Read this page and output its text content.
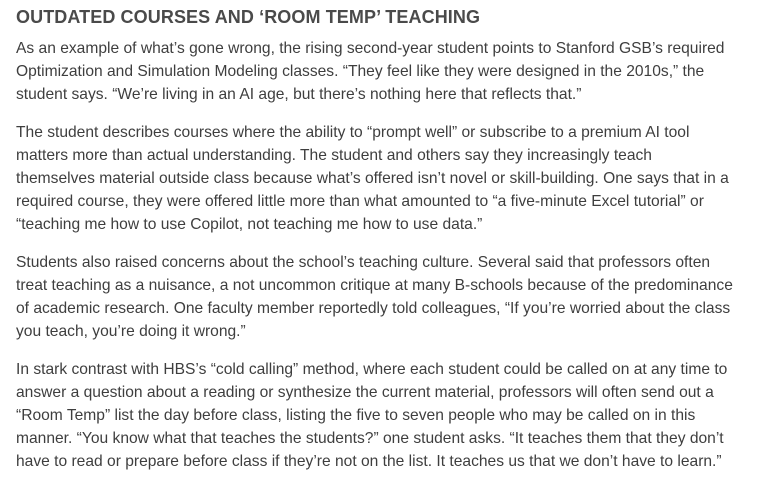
OUTDATED COURSES AND ‘ROOM TEMP’ TEACHING

As an example of what’s gone wrong, the rising second-year student points to Stanford GSB’s required
Optimization and Simulation Modeling classes. “They feel like they were designed in the 2010s,” the
student says. “We’re living in an AI age, but there’s nothing here that reflects that.”

The student describes courses where the ability to “prompt well” or subscribe to a premium AI tool
matters more than actual understanding. The student and others say they increasingly teach
themselves material outside class because what’s offered isn’t novel or skill-building. One says that in a
required course, they were offered little more than what amounted to “a five-minute Excel tutorial” or
“teaching me how to use Copilot, not teaching me how to use data.”

Students also raised concerns about the school’s teaching culture. Several said that professors often
treat teaching as a nuisance, a not uncommon critique at many B-schools because of the predominance
of academic research. One faculty member reportedly told colleagues, “If you’re worried about the class
you teach, you’re doing it wrong.”

In stark contrast with HBS’s “cold calling” method, where each student could be called on at any time to
answer a question about a reading or synthesize the current material, professors will often send out a
“Room Temp” list the day before class, listing the five to seven people who may be called on in this
manner. “You know what that teaches the students?” one student asks. “It teaches them that they don’t
have to read or prepare before class if they’re not on the list. It teaches us that we don’t have to learn.”
